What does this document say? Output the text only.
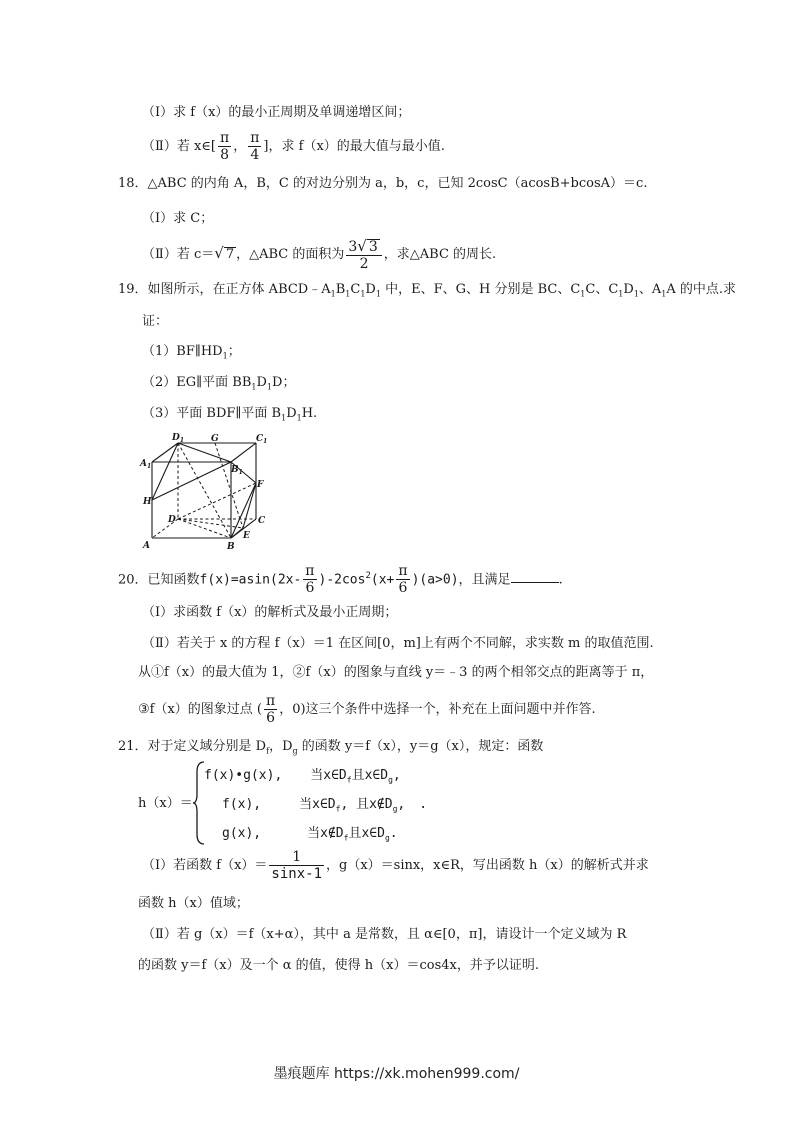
（Ⅰ）求 f（x）的最小正周期及单调递增区间；
（Ⅱ）若 x∈[ $\frac{\pi}{8}$ ， $\frac{\pi}{4}$ ]，求 f（x）的最大值与最小值.
18．△ABC 的内角 A，B，C 的对边分别为 a，b，c，已知 2cosC（acosB+bcosA）＝c.
（Ⅰ）求 C；
（Ⅱ）若 c＝√ 7 ，△ABC 的面积为 $\frac{3√ 3}{2}$ ，求△ABC 的周长.
19．如图所示，在正方体 $ABCD﹣A_1B_1C_1D_1$ 中，E、F、G、H 分别是 BC、$C_1C$、$C_1D_1$、$A_1A$ 的中点.求
证：
$(1)BF\parallel HD_1$；
（2）EG∥平面 $BB_1D_1D$；
（3）平面 BDF∥平面 $B_1D_1H$.
$D_1$	G	$C_1$
$A_1$	$B_1$
H
F
D	C
E
A	B
20．已知函数$f(x)=asin(2x- \frac{\pi}{6} )-2\cos^2(x+ \frac{\pi}{6} )(a>0)$，且满足	.
（Ⅰ）求函数 f（x）的解析式及最小正周期；
（Ⅱ）若关于 x 的方程 f（x）＝1 在区间[0，m]上有两个不同解，求实数 m 的取值范围.
从①f（x）的最大值为 1，②f（x）的图象与直线 y＝﹣3 的两个相邻交点的距离等于 π，
③f（x）的图象过点 ( $\frac{\pi}{6}$ ，0)这三个条件中选择一个，补充在上面问题中并作答.
21．对于定义域分别是 $D_f$，$D_g$ 的函数 y＝f（x），y＝g（x），规定：函数
h（x）＝
f(x)•g(x), 当$x\in D_f$且$x\in D_g$,
f(x),	当$x\in D_f$, 且$x\notin D_g$, .
g(x),	当$x\notin D_f$且$x\in D_g$.
（Ⅰ）若函数 $f(x)= \frac{1}{\sin x-1}$ ，g（x）＝sinx，x∈R，写出函数 h（x）的解析式并求
函数 h（x）值域；
（Ⅱ）若 g（x）＝f（x+α），其中 a 是常数，且 α∈[0，π]，请设计一个定义域为 R
的函数 y＝f（x）及一个 α 的值，使得 h（x）＝cos4x，并予以证明.
墨痕题库 https://xk.mohen999.com/
